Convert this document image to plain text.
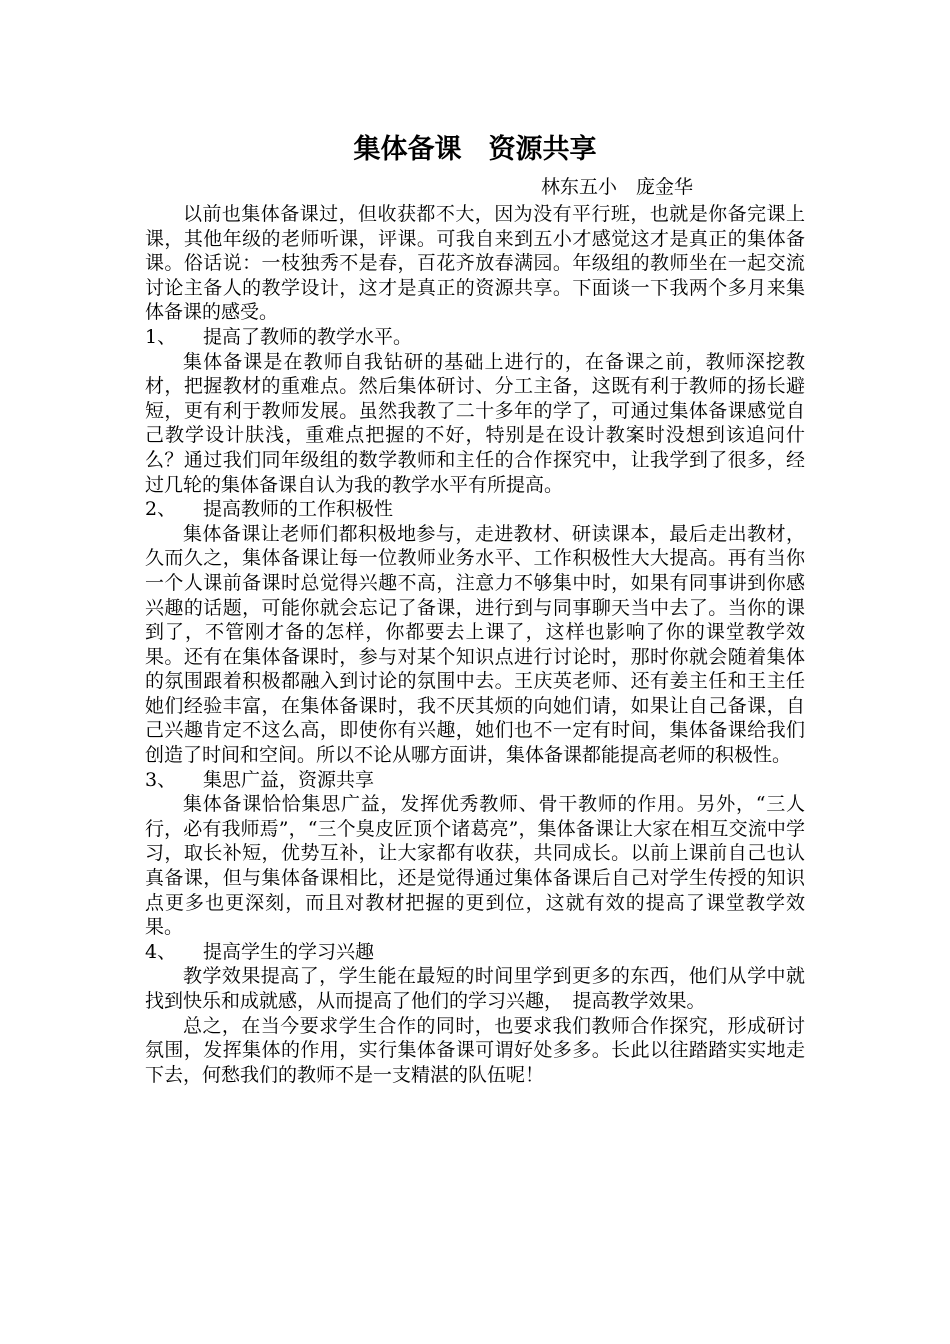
集体备课　资源共享
林东五小　庞金华

以前也集体备课过，但收获都不大，因为没有平行班，也就是你备完课上课，其他年级的老师听课，评课。可我自来到五小才感觉这才是真正的集体备课。俗话说：一枝独秀不是春，百花齐放春满园。年级组的教师坐在一起交流讨论主备人的教学设计，这才是真正的资源共享。下面谈一下我两个多月来集体备课的感受。

1、	提高了教师的教学水平。

集体备课是在教师自我钻研的基础上进行的，在备课之前，教师深挖教材，把握教材的重难点。然后集体研讨、分工主备，这既有利于教师的扬长避短，更有利于教师发展。虽然我教了二十多年的学了，可通过集体备课感觉自己教学设计肤浅，重难点把握的不好，特别是在设计教案时没想到该追问什么？通过我们同年级组的数学教师和主任的合作探究中，让我学到了很多，经过几轮的集体备课自认为我的教学水平有所提高。

2、	提高教师的工作积极性

集体备课让老师们都积极地参与，走进教材、研读课本，最后走出教材，久而久之，集体备课让每一位教师业务水平、工作积极性大大提高。再有当你一个人课前备课时总觉得兴趣不高，注意力不够集中时，如果有同事讲到你感兴趣的话题，可能你就会忘记了备课，进行到与同事聊天当中去了。当你的课到了，不管刚才备的怎样，你都要去上课了，这样也影响了你的课堂教学效果。还有在集体备课时，参与对某个知识点进行讨论时，那时你就会随着集体的氛围跟着积极都融入到讨论的氛围中去。王庆英老师、还有姜主任和王主任她们经验丰富，在集体备课时，我不厌其烦的向她们请，如果让自己备课，自己兴趣肯定不这么高，即使你有兴趣，她们也不一定有时间，集体备课给我们创造了时间和空间。所以不论从哪方面讲，集体备课都能提高老师的积极性。

3、	集思广益，资源共享

集体备课恰恰集思广益，发挥优秀教师、骨干教师的作用。另外，“三人行，必有我师焉”，“三个臭皮匠顶个诸葛亮”，集体备课让大家在相互交流中学习，取长补短，优势互补，让大家都有收获，共同成长。以前上课前自己也认真备课，但与集体备课相比，还是觉得通过集体备课后自己对学生传授的知识点更多也更深刻，而且对教材把握的更到位，这就有效的提高了课堂教学效果。

4、	提高学生的学习兴趣

教学效果提高了，学生能在最短的时间里学到更多的东西，他们从学中就找到快乐和成就感，从而提高了他们的学习兴趣，　提高教学效果。

总之，在当今要求学生合作的同时，也要求我们教师合作探究，形成研讨氛围，发挥集体的作用，实行集体备课可谓好处多多。长此以往踏踏实实地走下去，何愁我们的教师不是一支精湛的队伍呢！
